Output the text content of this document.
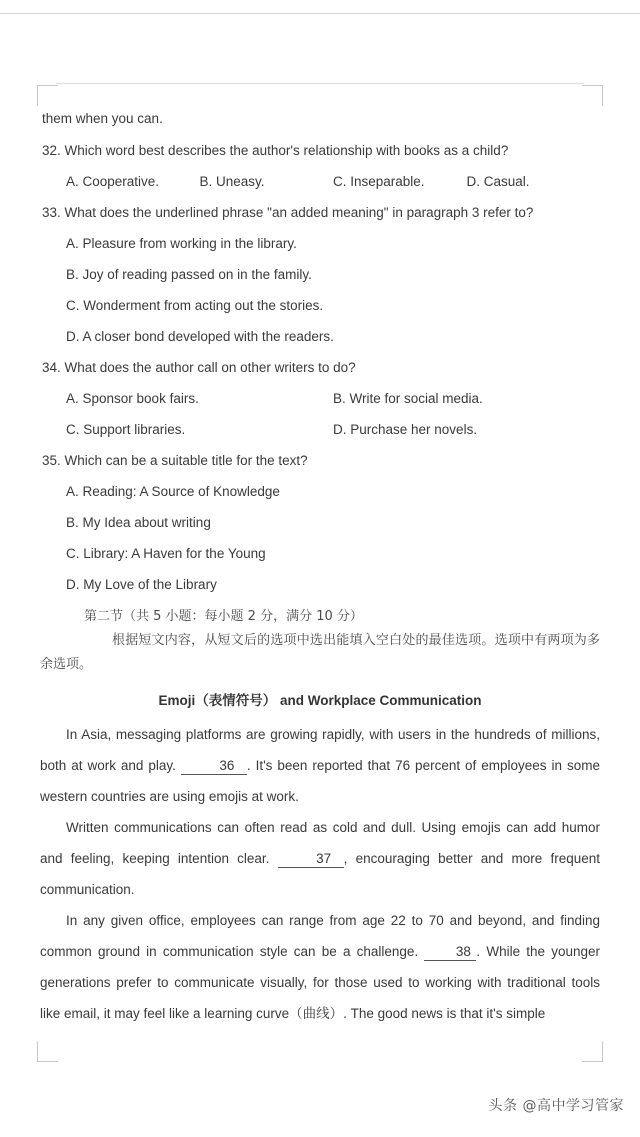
them when you can.

32. Which word best describes the author's relationship with books as a child?

A. Cooperative.	B. Uneasy.	C. Inseparable.	D. Casual.

33. What does the underlined phrase "an added meaning" in paragraph 3 refer to?

A. Pleasure from working in the library.
B. Joy of reading passed on in the family.
C. Wonderment from acting out the stories.
D. A closer bond developed with the readers.

34. What does the author call on other writers to do?

A. Sponsor book fairs.	B. Write for social media.
C. Support libraries.	D. Purchase her novels.

35. Which can be a suitable title for the text?

A. Reading: A Source of Knowledge
B. My Idea about writing
C. Library: A Haven for the Young
D. My Love of the Library

第二节（共 5 小题：每小题 2 分，满分 10 分）

根据短文内容，从短文后的选项中选出能填入空白处的最佳选项。选项中有两项为多余选项。

Emoji（表情符号） and Workplace Communication

In Asia, messaging platforms are growing rapidly, with users in the hundreds of millions, both at work and play.	36 . It's been reported that 76 percent of employees in some western countries are using emojis at work.

Written communications can often read as cold and dull. Using emojis can add humor and feeling, keeping intention clear.	37 , encouraging better and more frequent communication.

In any given office, employees can range from age 22 to 70 and beyond, and finding common ground in communication style can be a challenge. 38 . While the younger generations prefer to communicate visually, for those used to working with traditional tools like email, it may feel like a learning curve（曲线）. The good news is that it's simple

头条 @高中学习管家
